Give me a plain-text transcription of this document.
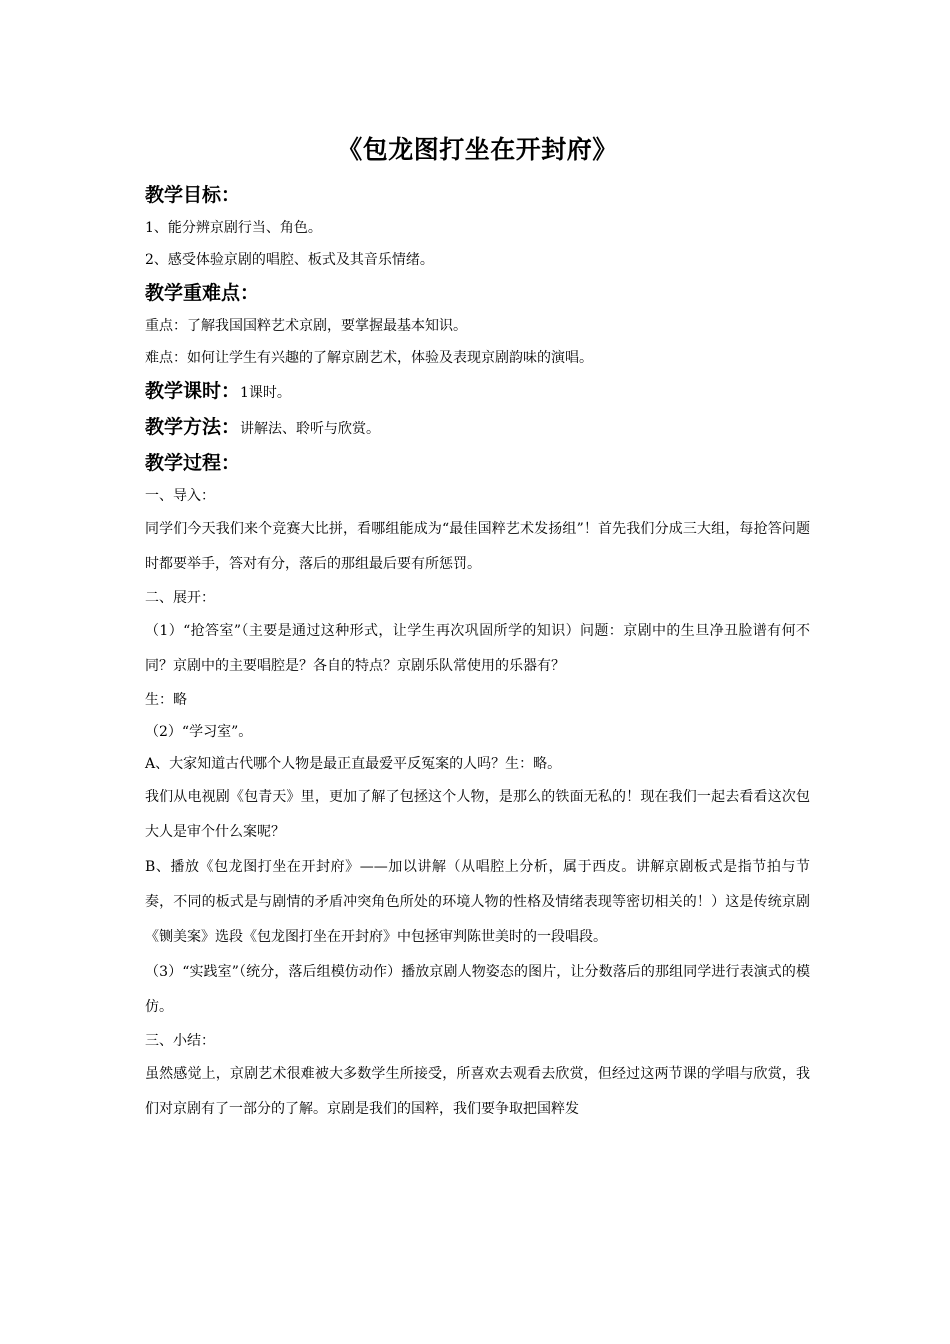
《包龙图打坐在开封府》
教学目标：

1、能分辨京剧行当、角色。

2、感受体验京剧的唱腔、板式及其音乐情绪。

教学重难点：

重点：了解我国国粹艺术京剧，要掌握最基本知识。

难点：如何让学生有兴趣的了解京剧艺术，体验及表现京剧韵味的演唱。

教学课时：1课时。
教学方法：讲解法、聆听与欣赏。
教学过程：

一、导入：

同学们今天我们来个竞赛大比拼，看哪组能成为“最佳国粹艺术发扬组”！首先我们分成三大组，每抢答问题时都要举手，答对有分，落后的那组最后要有所惩罚。

二、展开：

（1）“抢答室”（主要是通过这种形式，让学生再次巩固所学的知识）问题：京剧中的生旦净丑脸谱有何不同？京剧中的主要唱腔是？各自的特点？京剧乐队常使用的乐器有？

生：略

（2）“学习室”。

A、大家知道古代哪个人物是最正直最爱平反冤案的人吗？生：略。

我们从电视剧《包青天》里，更加了解了包拯这个人物，是那么的铁面无私的！现在我们一起去看看这次包大人是审个什么案呢？

B、播放《包龙图打坐在开封府》——加以讲解（从唱腔上分析，属于西皮。讲解京剧板式是指节拍与节奏，不同的板式是与剧情的矛盾冲突角色所处的环境人物的性格及情绪表现等密切相关的！）这是传统京剧《铡美案》选段《包龙图打坐在开封府》中包拯审判陈世美时的一段唱段。

（3）“实践室”（统分，落后组模仿动作）播放京剧人物姿态的图片，让分数落后的那组同学进行表演式的模仿。

三、小结：

虽然感觉上，京剧艺术很难被大多数学生所接受，所喜欢去观看去欣赏，但经过这两节课的学唱与欣赏，我们对京剧有了一部分的了解。京剧是我们的国粹，我们要争取把国粹发
